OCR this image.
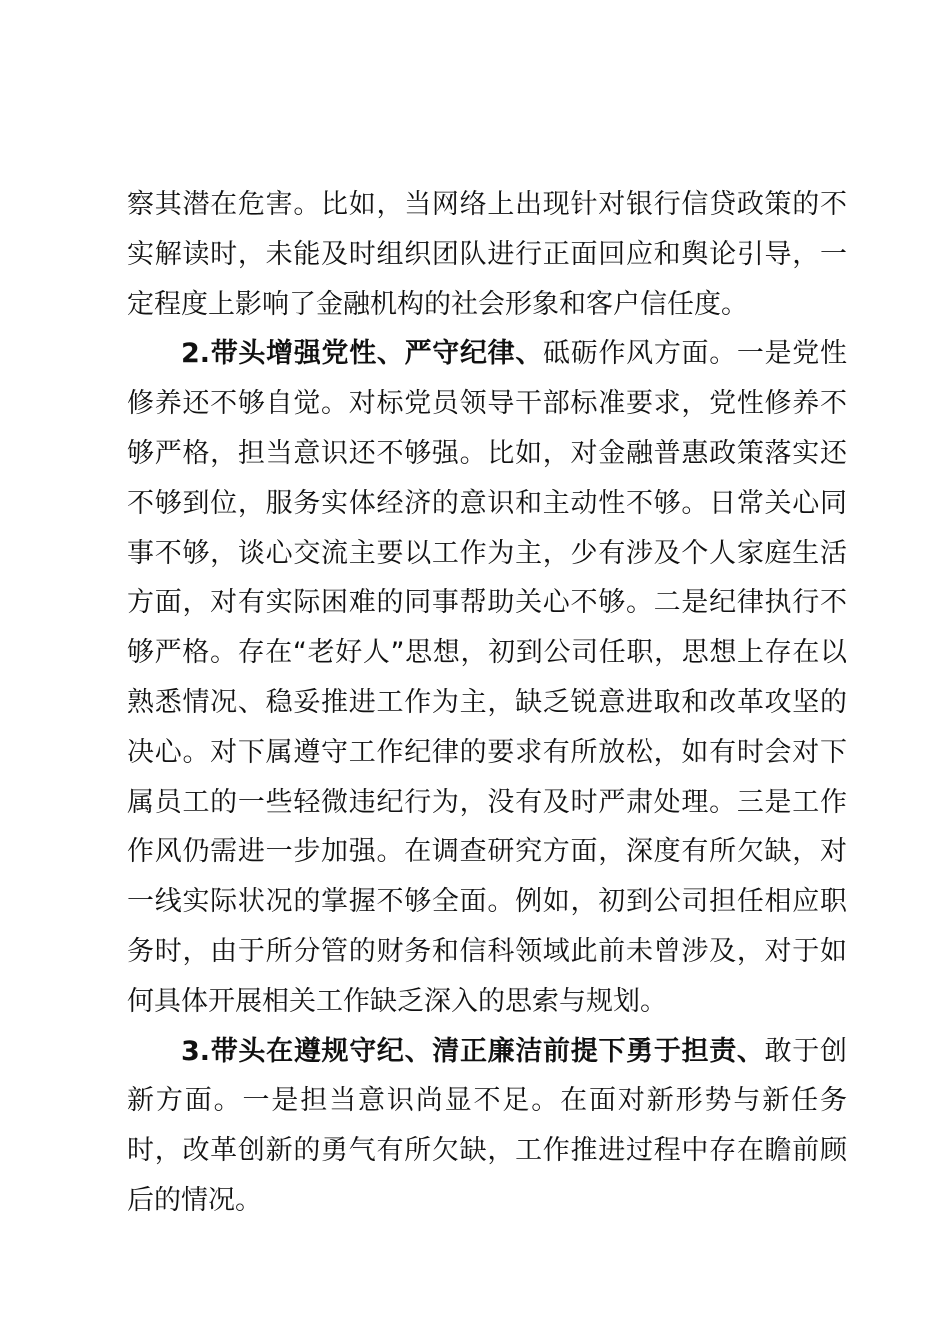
察其潜在危害。比如，当网络上出现针对银行信贷政策的不实解读时，未能及时组织团队进行正面回应和舆论引导，一定程度上影响了金融机构的社会形象和客户信任度。

2.带头增强党性、严守纪律、砥砺作风方面。一是党性修养还不够自觉。对标党员领导干部标准要求，党性修养不够严格，担当意识还不够强。比如，对金融普惠政策落实还不够到位，服务实体经济的意识和主动性不够。日常关心同事不够，谈心交流主要以工作为主，少有涉及个人家庭生活方面，对有实际困难的同事帮助关心不够。二是纪律执行不够严格。存在“老好人”思想，初到公司任职，思想上存在以熟悉情况、稳妥推进工作为主，缺乏锐意进取和改革攻坚的决心。对下属遵守工作纪律的要求有所放松，如有时会对下属员工的一些轻微违纪行为，没有及时严肃处理。三是工作作风仍需进一步加强。在调查研究方面，深度有所欠缺，对一线实际状况的掌握不够全面。例如，初到公司担任相应职务时，由于所分管的财务和信科领域此前未曾涉及，对于如何具体开展相关工作缺乏深入的思索与规划。

3.带头在遵规守纪、清正廉洁前提下勇于担责、敢于创新方面。一是担当意识尚显不足。在面对新形势与新任务时，改革创新的勇气有所欠缺，工作推进过程中存在瞻前顾后的情况。
